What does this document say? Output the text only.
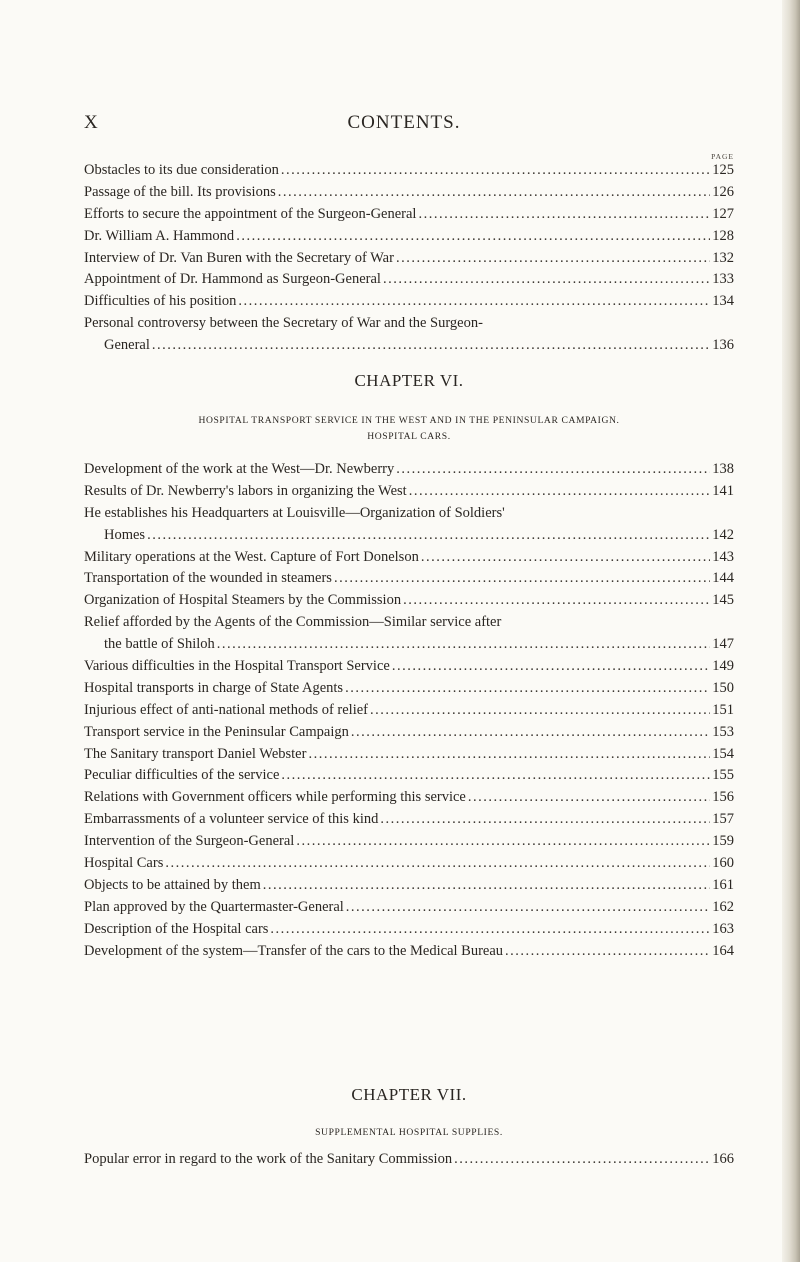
X	CONTENTS.
PAGE
Obstacles to its due consideration .....	125
Passage of the bill. Its provisions .....	126
Efforts to secure the appointment of the Surgeon-General .....	127
Dr. William A. Hammond .....	128
Interview of Dr. Van Buren with the Secretary of War .....	132
Appointment of Dr. Hammond as Surgeon-General .....	133
Difficulties of his position .....	134
Personal controversy between the Secretary of War and the Surgeon-
General .....	136
CHAPTER VI.
HOSPITAL TRANSPORT SERVICE IN THE WEST AND IN THE PENINSULAR CAMPAIGN.
HOSPITAL CARS.
Development of the work at the West—Dr. Newberry .....	138
Results of Dr. Newberry's labors in organizing the West .....	141
He establishes his Headquarters at Louisville—Organization of Soldiers'
Homes .....	142
Military operations at the West. Capture of Fort Donelson .....	143
Transportation of the wounded in steamers .....	144
Organization of Hospital Steamers by the Commission .....	145
Relief afforded by the Agents of the Commission—Similar service after
the battle of Shiloh .....	147
Various difficulties in the Hospital Transport Service .....	149
Hospital transports in charge of State Agents .....	150
Injurious effect of anti-national methods of relief .....	151
Transport service in the Peninsular Campaign .....	153
The Sanitary transport Daniel Webster .....	154
Peculiar difficulties of the service .....	155
Relations with Government officers while performing this service .....	156
Embarrassments of a volunteer service of this kind .....	157
Intervention of the Surgeon-General .....	159
Hospital Cars .....	160
Objects to be attained by them .....	161
Plan approved by the Quartermaster-General .....	162
Description of the Hospital cars .....	163
Development of the system—Transfer of the cars to the Medical Bureau .....	164
CHAPTER VII.
SUPPLEMENTAL HOSPITAL SUPPLIES.
Popular error in regard to the work of the Sanitary Commission .....	166
